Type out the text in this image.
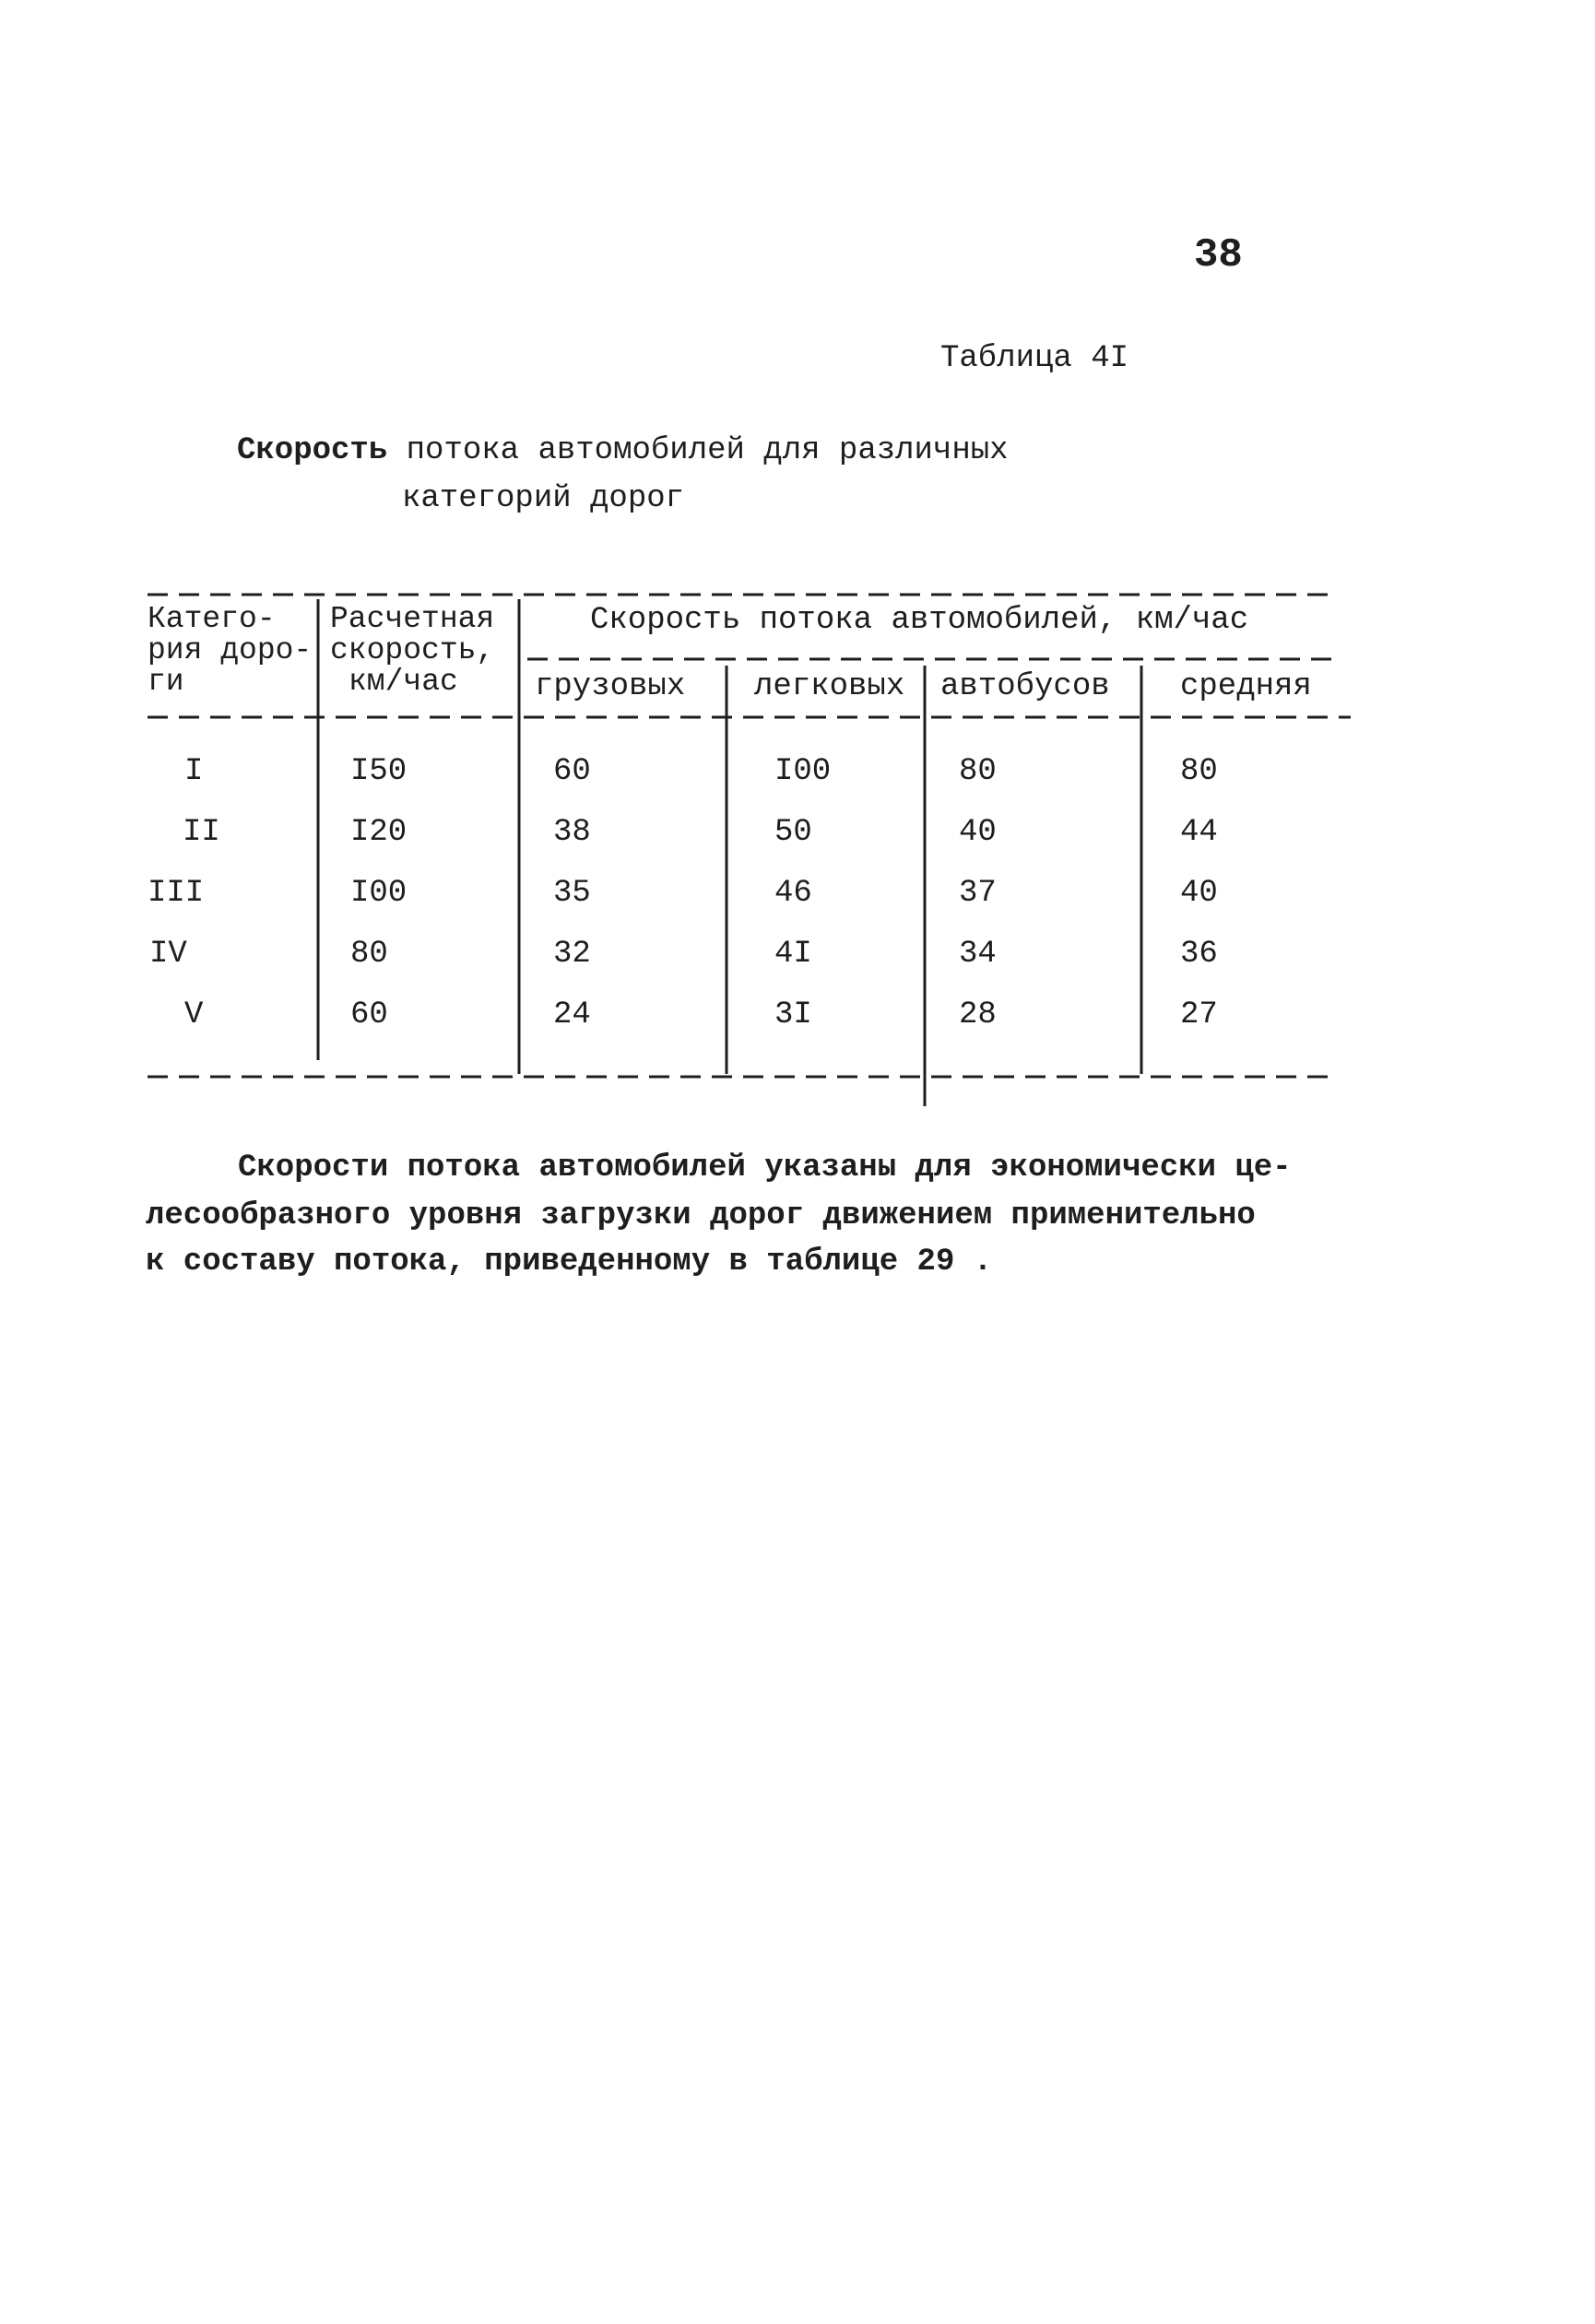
38
Таблица 4I
Скорость потока автомобилей для различных
категорий дорог
Катего-
рия доро-
ги
Расчетная
скорость,
км/час
Скорость потока автомобилей, км/час
грузовых легковых автобусов средняя
I	I50	60	I00	80	80
II	I20	38	50	40	44
III	I00	35	46	37	40
IV	80	32	4I	34	36
V	60	24	3I	28	27
Скорости потока автомобилей указаны для экономически це-
лесообразного уровня загрузки дорог движением применительно
к составу потока, приведенному в таблице 29 .
